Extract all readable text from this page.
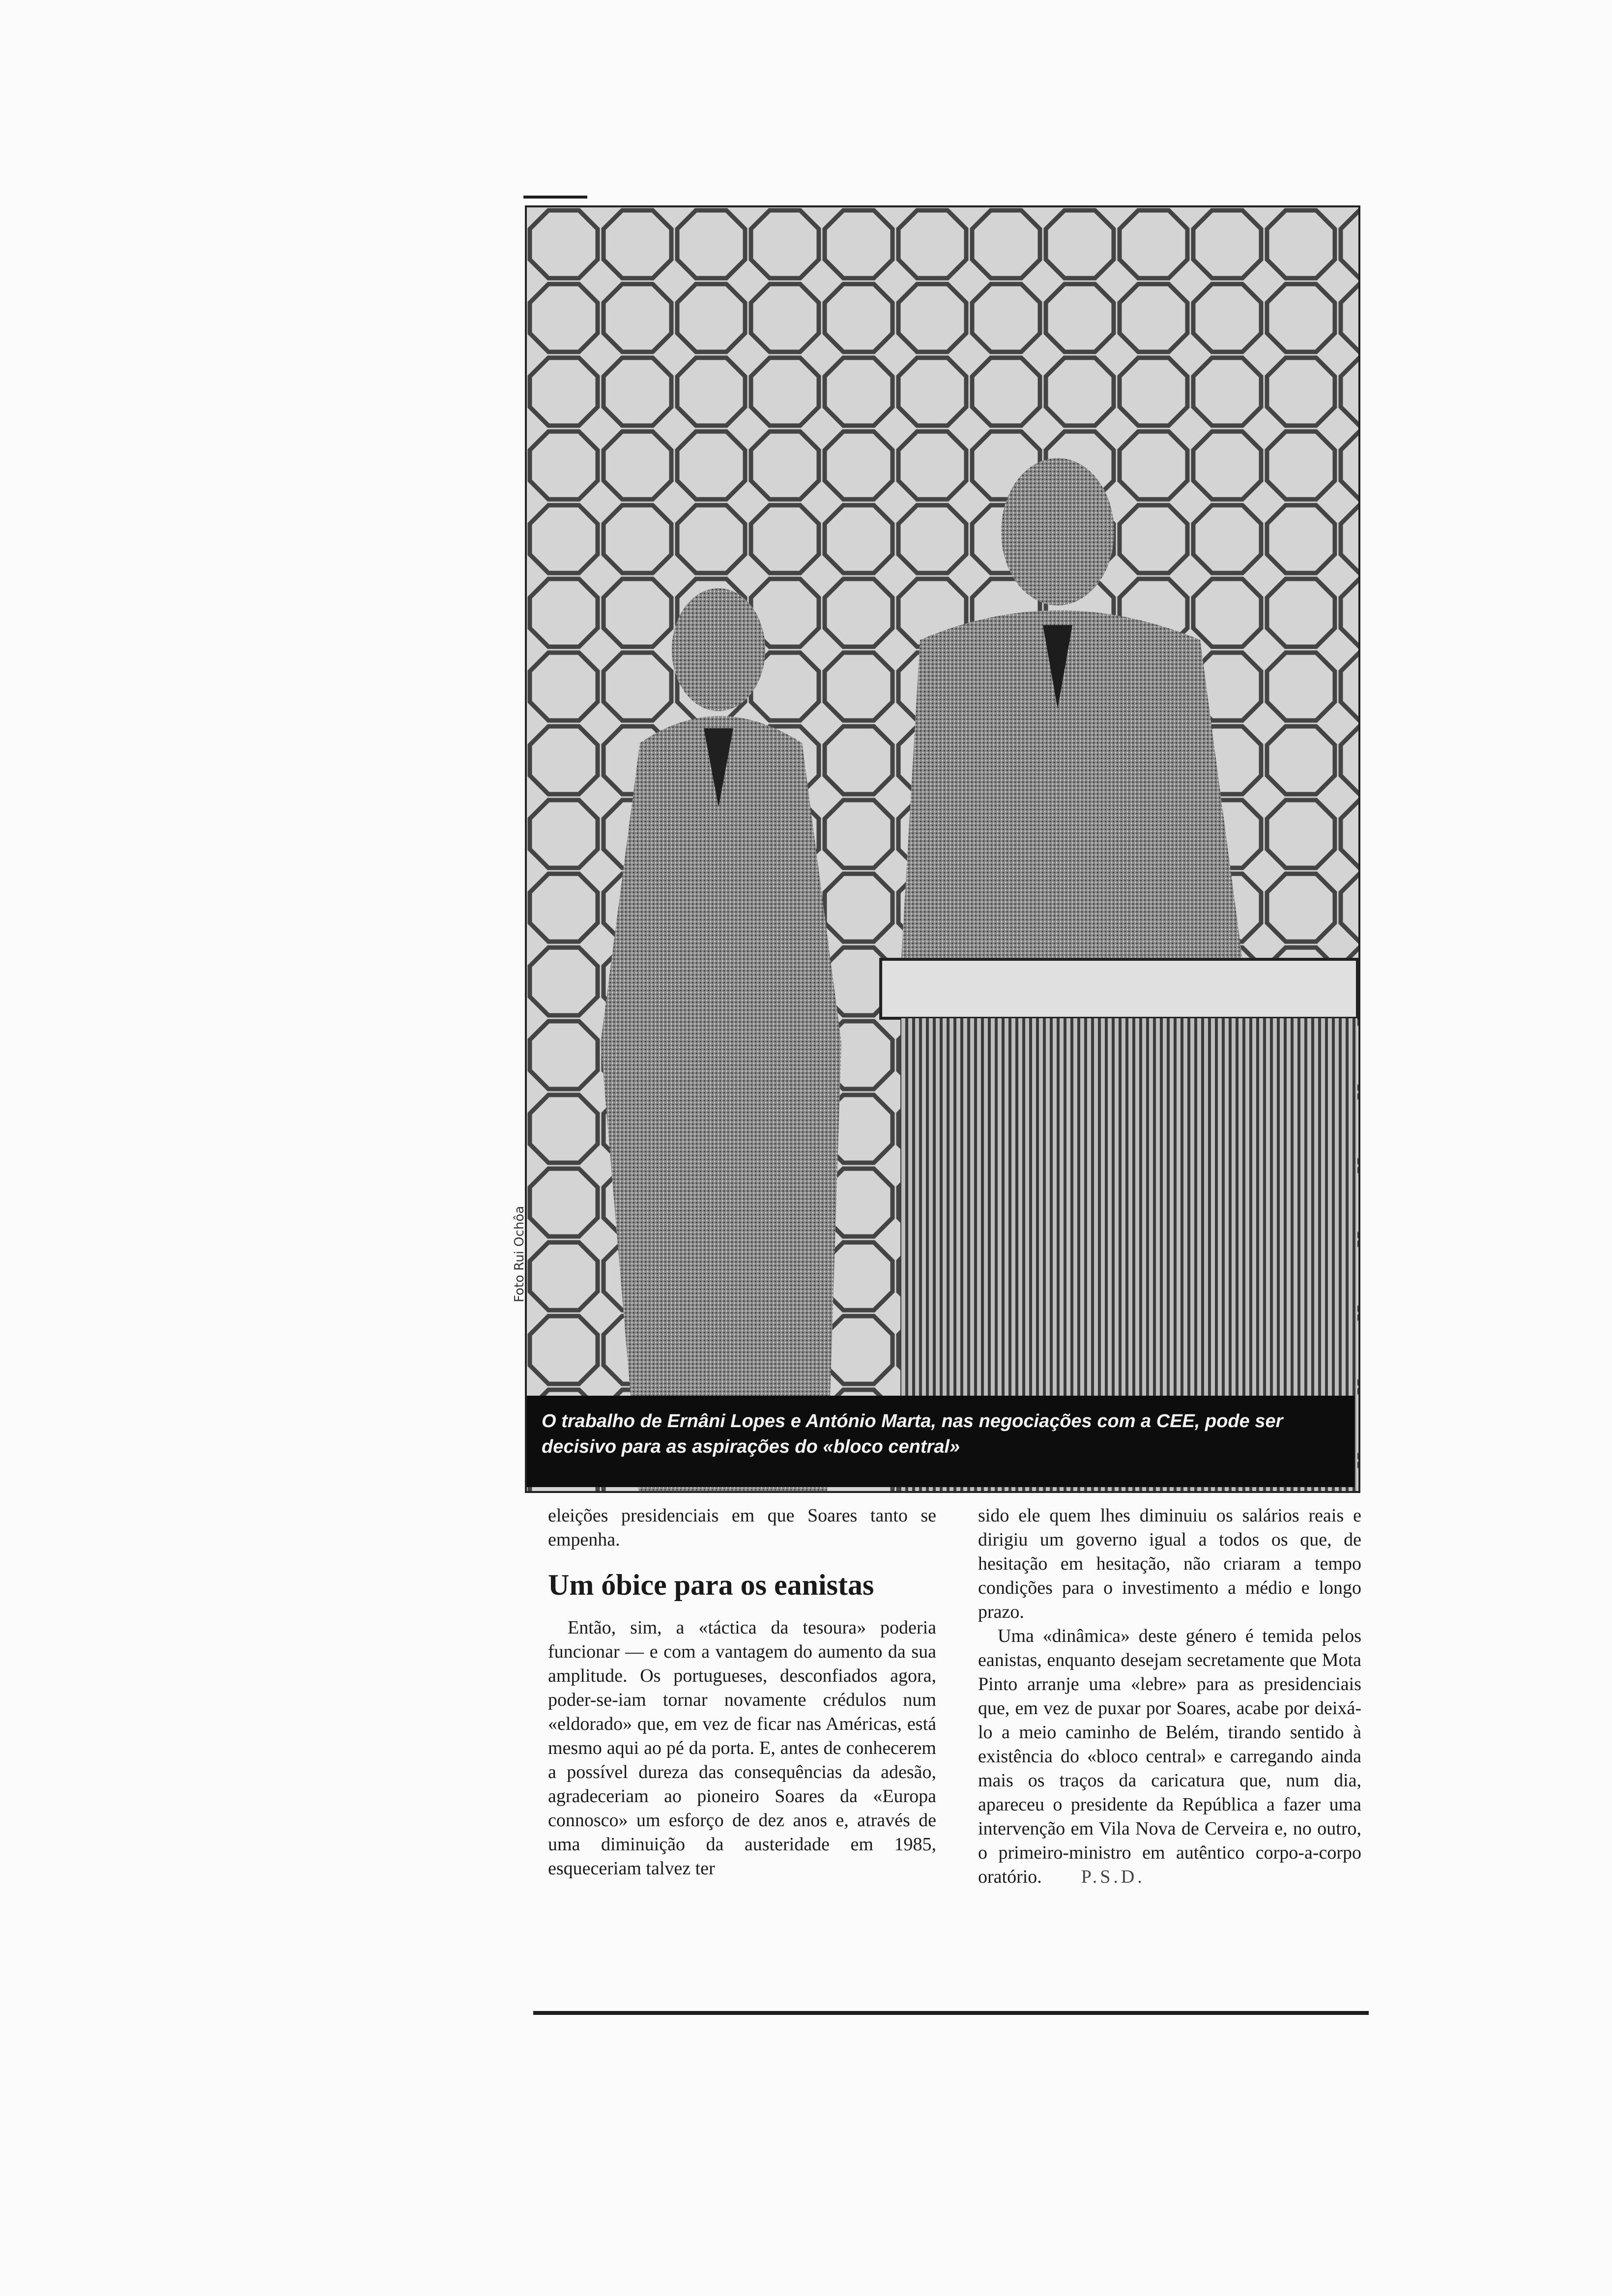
Foto Rui Ochôa
O trabalho de Ernâni Lopes e António Marta, nas negociações com a CEE, pode ser decisivo para as aspirações do «bloco central»

eleições presidenciais em que Soares tanto se empenha.

Um óbice para os eanistas

Então, sim, a «táctica da tesoura» poderia funcionar — e com a vantagem do aumento da sua amplitude. Os portugueses, desconfiados agora, poder-se-iam tornar novamente crédulos num «eldorado» que, em vez de ficar nas Américas, está mesmo aqui ao pé da porta. E, antes de conhecerem a possível dureza das consequências da adesão, agradeceriam ao pioneiro Soares da «Europa connosco» um esforço de dez anos e, através de uma diminuição da austeridade em 1985, esqueceriam talvez ter

sido ele quem lhes diminuiu os salários reais e dirigiu um governo igual a todos os que, de hesitação em hesitação, não criaram a tempo condições para o investimento a médio e longo prazo.

Uma «dinâmica» deste género é temida pelos eanistas, enquanto desejam secretamente que Mota Pinto arranje uma «lebre» para as presidenciais que, em vez de puxar por Soares, acabe por deixá-lo a meio caminho de Belém, tirando sentido à existência do «bloco central» e carregando ainda mais os traços da caricatura que, num dia, apareceu o presidente da República a fazer uma intervenção em Vila Nova de Cerveira e, no outro, o primeiro-ministro em autêntico corpo-a-corpo oratório. P.S.D.
